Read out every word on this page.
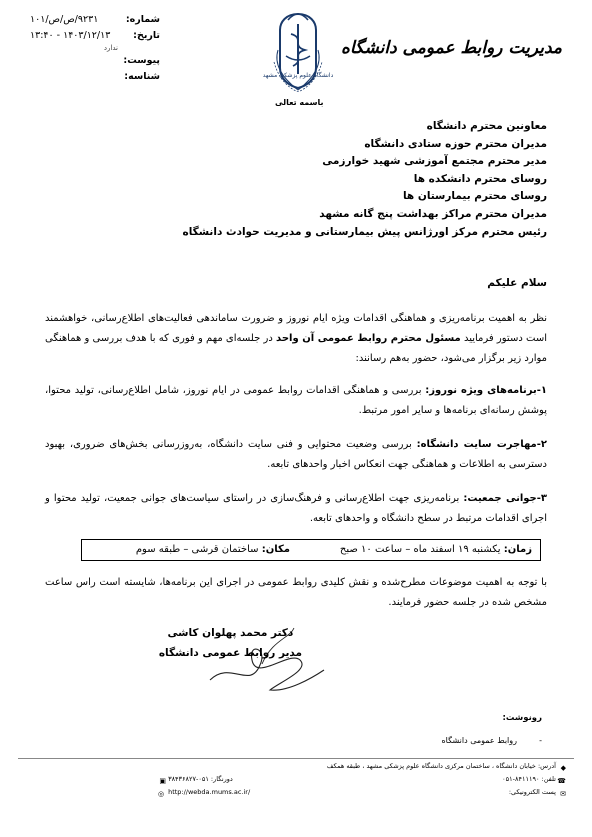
شماره:
۹۲۳۱/ص/ص/۱۰۱
تاریخ:
۱۴۰۳/۱۲/۱۳ - ۱۳:۴۰
ندارد
پیوست:
شناسه:	دانشگاه علوم پزشکی مشهد
مدیریت روابط عمومی دانشگاه
باسمه تعالی
معاونین محترم دانشگاه
مدیران محترم حوزه ستادی دانشگاه
مدیر محترم مجتمع آموزشی شهید خوارزمی
روسای محترم دانشکده ها
روسای محترم بیمارستان ها
مدیران محترم مراکز بهداشت پنج گانه مشهد
رئیس محترم مرکز اورژانس پیش بیمارستانی و مدیریت حوادث دانشگاه
سلام علیکم
نظر به اهمیت برنامه‌ریزی و هماهنگی اقدامات ویژه ایام نوروز و ضرورت ساماندهی فعالیت‌های اطلاع‌رسانی، خواهشمند است دستور فرمایید مسئول محترم روابط عمومی آن واحد در جلسه‌ای مهم و فوری که با هدف بررسی و هماهنگی موارد زیر برگزار می‌شود، حضور به‌هم رسانند:
۱-برنامه‌های ویژه نوروز: بررسی و هماهنگی اقدامات روابط عمومی در ایام نوروز، شامل اطلاع‌رسانی، تولید محتوا، پوشش رسانه‌ای برنامه‌ها و سایر امور مرتبط.
۲-مهاجرت سایت دانشگاه: بررسی وضعیت محتوایی و فنی سایت دانشگاه، به‌روزرسانی بخش‌های ضروری، بهبود دسترسی به اطلاعات و هماهنگی جهت انعکاس اخبار واحدهای تابعه.
۳-جوانی جمعیت: برنامه‌ریزی جهت اطلاع‌رسانی و فرهنگ‌سازی در راستای سیاست‌های جوانی جمعیت، تولید محتوا و اجرای اقدامات مرتبط در سطح دانشگاه و واحدهای تابعه.
زمان: یکشنبه ۱۹ اسفند ماه – ساعت ۱۰ صبح
مکان: ساختمان قرشی – طبقه سوم
با توجه به اهمیت موضوعات مطرح‌شده و نقش کلیدی روابط عمومی در اجرای این برنامه‌ها، شایسته است راس ساعت مشخص شده در جلسه حضور فرمایند.
دکتر محمد پهلوان کاشی
مدیر روابط عمومی دانشگاه
رونوشت:
-
روابط عمومی دانشگاه
◆ آدرس: خیابان دانشگاه ، ساختمان مرکزی دانشگاه علوم پزشکی مشهد ، طبقه همکف
☎ تلفن: ۸۴۱۱۱۹۰-۰۵۱
دورنگار: ۰۵۱-۳۸۴۳۶۸۲۷ ▣
✉ پست الکترونیکی:
◎ http://webda.mums.ac.ir/
